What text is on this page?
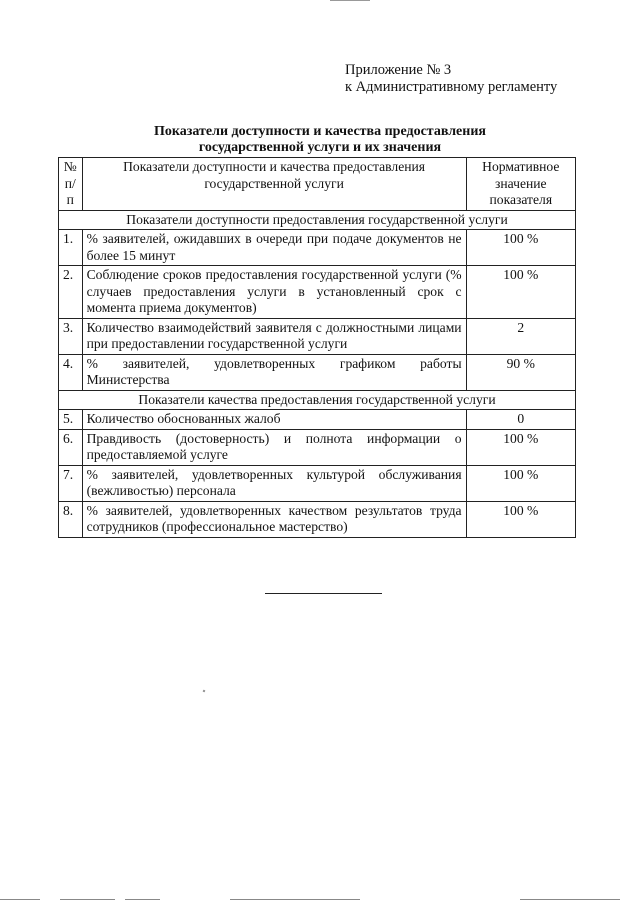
Приложение № 3
к Административному регламенту
Показатели доступности и качества предоставления
государственной услуги и их значения
№ п/п	Показатели доступности и качества предоставления государственной услуги	Нормативное значение показателя
Показатели доступности предоставления государственной услуги		
1.	% заявителей, ожидавших в очереди при подаче документов не более 15 минут	100 %
2.	Соблюдение сроков предоставления государственной услуги (% случаев предоставления услуги в установленный срок с момента приема документов)	100 %
3.	Количество взаимодействий заявителя с должностными лицами при предоставлении государственной услуги	2
4.	% заявителей, удовлетворенных графиком работы Министерства	90 %
Показатели качества предоставления государственной услуги		
5.	Количество обоснованных жалоб	0
6.	Правдивость (достоверность) и полнота информации о предоставляемой услуге	100 %
7.	% заявителей, удовлетворенных культурой обслуживания (вежливостью) персонала	100 %
8.	% заявителей, удовлетворенных качеством результатов труда сотрудников (профессиональное мастерство)	100 %
